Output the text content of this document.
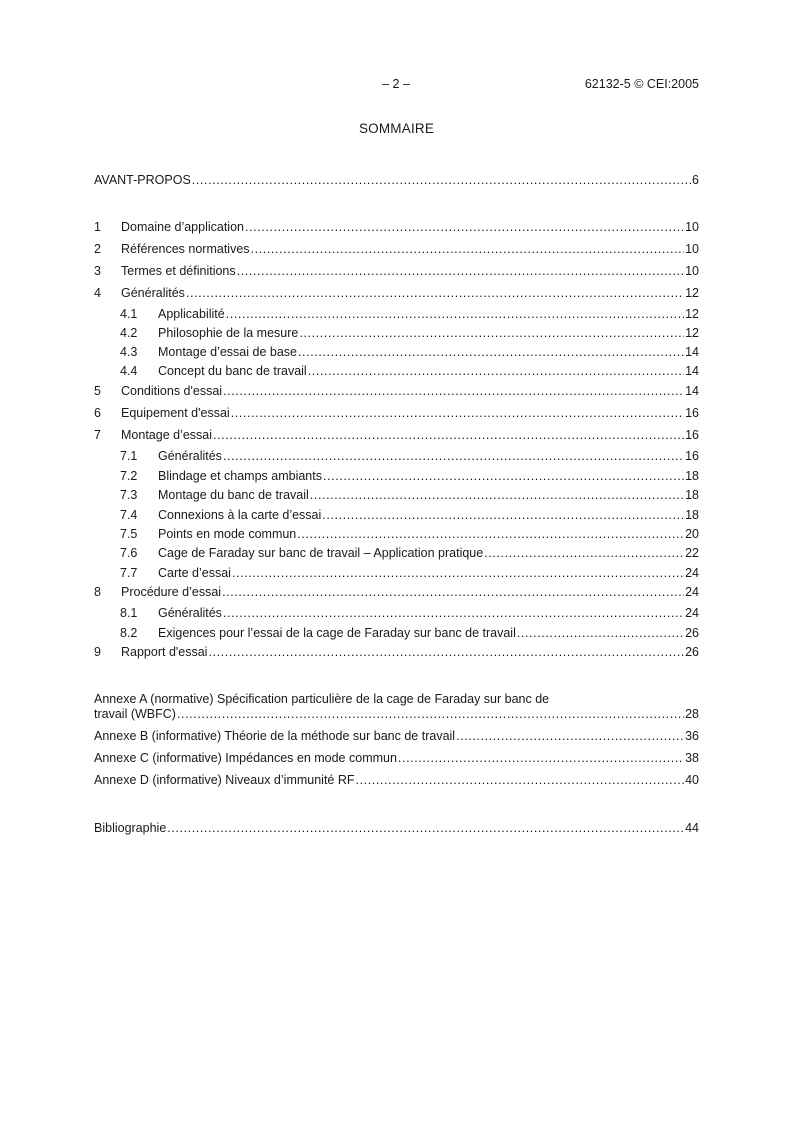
– 2 –	62132-5 © CEI:2005
SOMMAIRE
AVANT-PROPOS .....	6
1	Domaine d’application .....	10
2	Références normatives .....	10
3	Termes et définitions .....	10
4	Généralités .....	12
4.1	Applicabilité .....	12
4.2	Philosophie de la mesure .....	12
4.3	Montage d’essai de base .....	14
4.4	Concept du banc de travail .....	14
5	Conditions d'essai .....	14
6	Equipement d'essai .....	16
7	Montage d’essai .....	16
7.1	Généralités .....	16
7.2	Blindage et champs ambiants .....	18
7.3	Montage du banc de travail .....	18
7.4	Connexions à la carte d’essai .....	18
7.5	Points en mode commun .....	20
7.6	Cage de Faraday sur banc de travail – Application pratique .....	22
7.7	Carte d’essai .....	24
8	Procédure d’essai .....	24
8.1	Généralités .....	24
8.2	Exigences pour l’essai de la cage de Faraday sur banc de travail .....	26
9	Rapport d'essai .....	26
Annexe A (normative) Spécification particulière de la cage de Faraday sur banc de
travail (WBFC) .....	28
Annexe B (informative) Théorie de la méthode sur banc de travail .....	36
Annexe C (informative) Impédances en mode commun .....	38
Annexe D (informative) Niveaux d’immunité RF .....	40
Bibliographie .....	44
